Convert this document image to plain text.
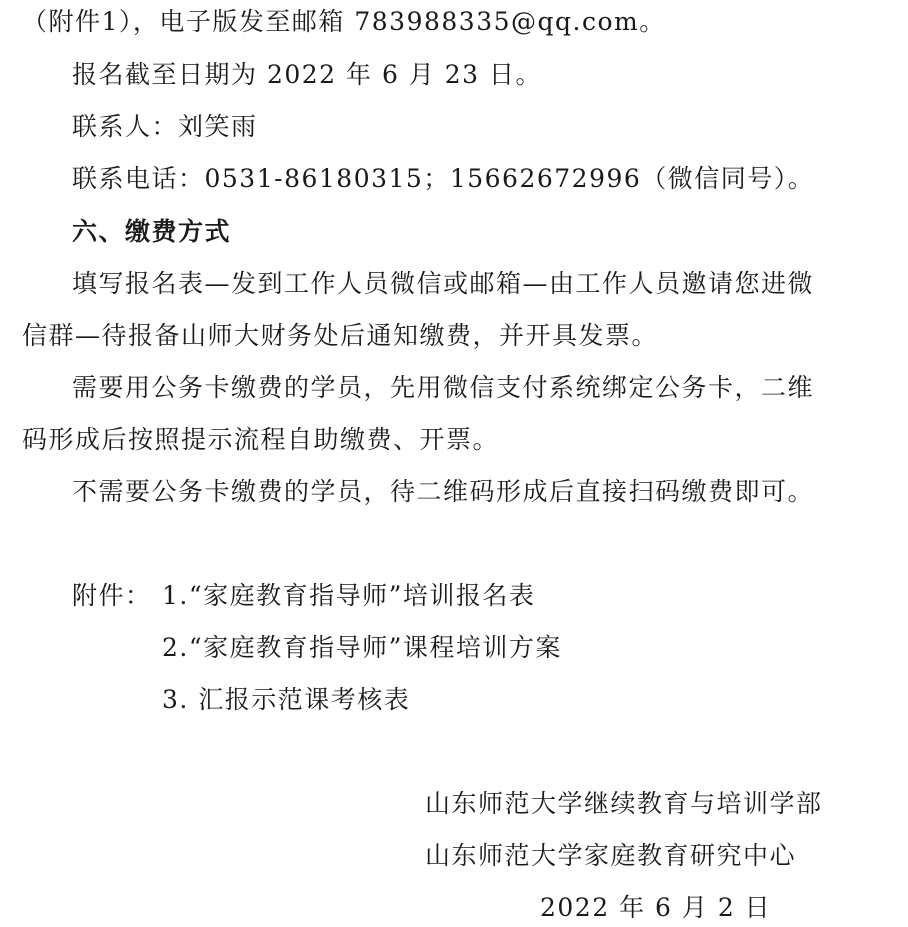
（附件1），电子版发至邮箱 783988335@qq.com。
报名截至日期为 2022 年 6 月 23 日。
联系人：刘笑雨
联系电话：0531-86180315；15662672996（微信同号）。
六、缴费方式
填写报名表—发到工作人员微信或邮箱—由工作人员邀请您进微
信群—待报备山师大财务处后通知缴费，并开具发票。
需要用公务卡缴费的学员，先用微信支付系统绑定公务卡，二维
码形成后按照提示流程自助缴费、开票。
不需要公务卡缴费的学员，待二维码形成后直接扫码缴费即可。
附件： 1.“家庭教育指导师”培训报名表
2.“家庭教育指导师”课程培训方案
3. 汇报示范课考核表
山东师范大学继续教育与培训学部
山东师范大学家庭教育研究中心
2022 年 6 月 2 日
